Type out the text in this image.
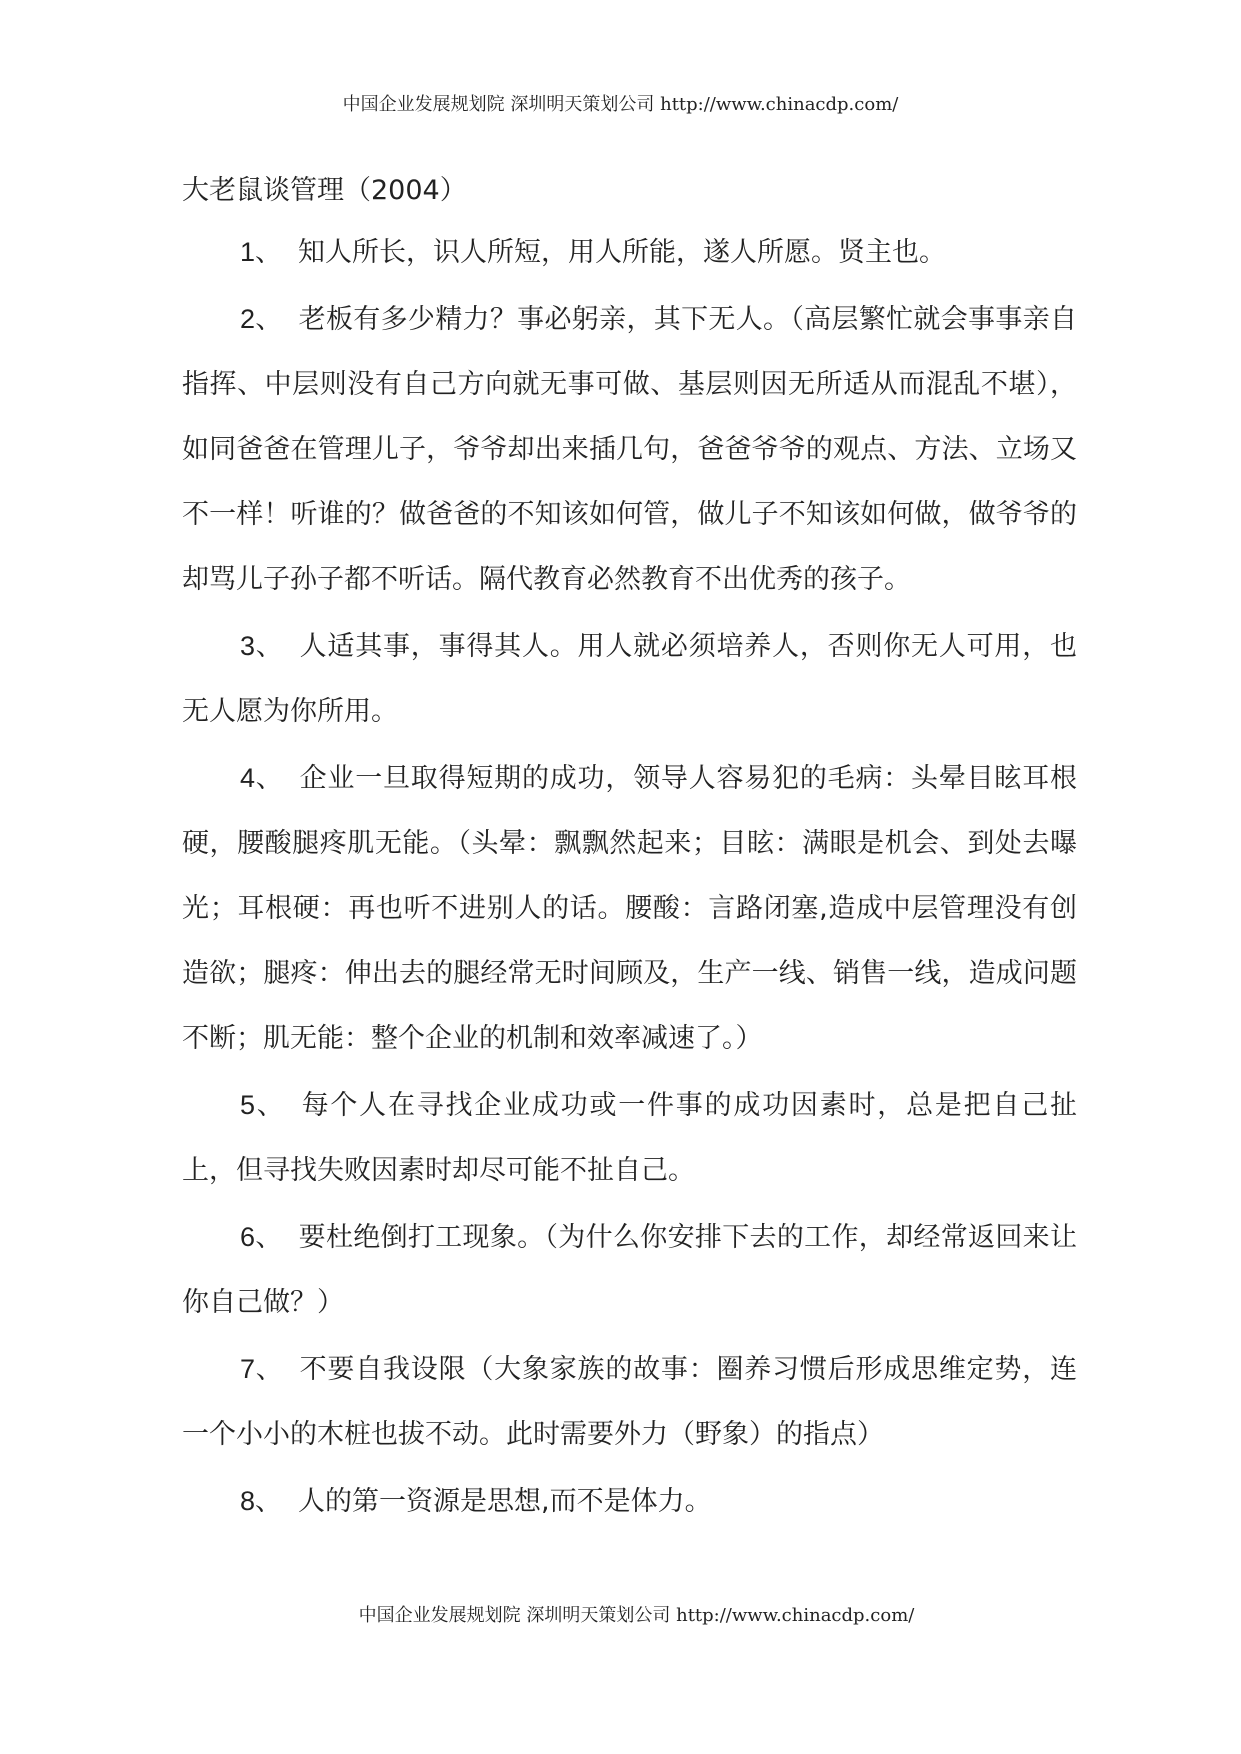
中国企业发展规划院 深圳明天策划公司 http://www.chinacdp.com/

大老鼠谈管理（2004）

1、 知人所长，识人所短，用人所能，遂人所愿。贤主也。

2、 老板有多少精力？事必躬亲，其下无人。（高层繁忙就会事事亲自指挥、中层则没有自己方向就无事可做、基层则因无所适从而混乱不堪），如同爸爸在管理儿子，爷爷却出来插几句，爸爸爷爷的观点、方法、立场又不一样！听谁的？做爸爸的不知该如何管，做儿子不知该如何做，做爷爷的却骂儿子孙子都不听话。隔代教育必然教育不出优秀的孩子。

3、 人适其事，事得其人。用人就必须培养人，否则你无人可用，也无人愿为你所用。

4、 企业一旦取得短期的成功，领导人容易犯的毛病：头晕目眩耳根硬，腰酸腿疼肌无能。（头晕：飘飘然起来；目眩：满眼是机会、到处去曝光；耳根硬：再也听不进别人的话。腰酸：言路闭塞,造成中层管理没有创造欲；腿疼：伸出去的腿经常无时间顾及，生产一线、销售一线，造成问题不断；肌无能：整个企业的机制和效率减速了。）

5、 每个人在寻找企业成功或一件事的成功因素时，总是把自己扯上，但寻找失败因素时却尽可能不扯自己。

6、 要杜绝倒打工现象。（为什么你安排下去的工作，却经常返回来让你自己做？）

7、 不要自我设限（大象家族的故事：圈养习惯后形成思维定势，连一个小小的木桩也拔不动。此时需要外力（野象）的指点）

8、 人的第一资源是思想,而不是体力。

中国企业发展规划院 深圳明天策划公司 http://www.chinacdp.com/
